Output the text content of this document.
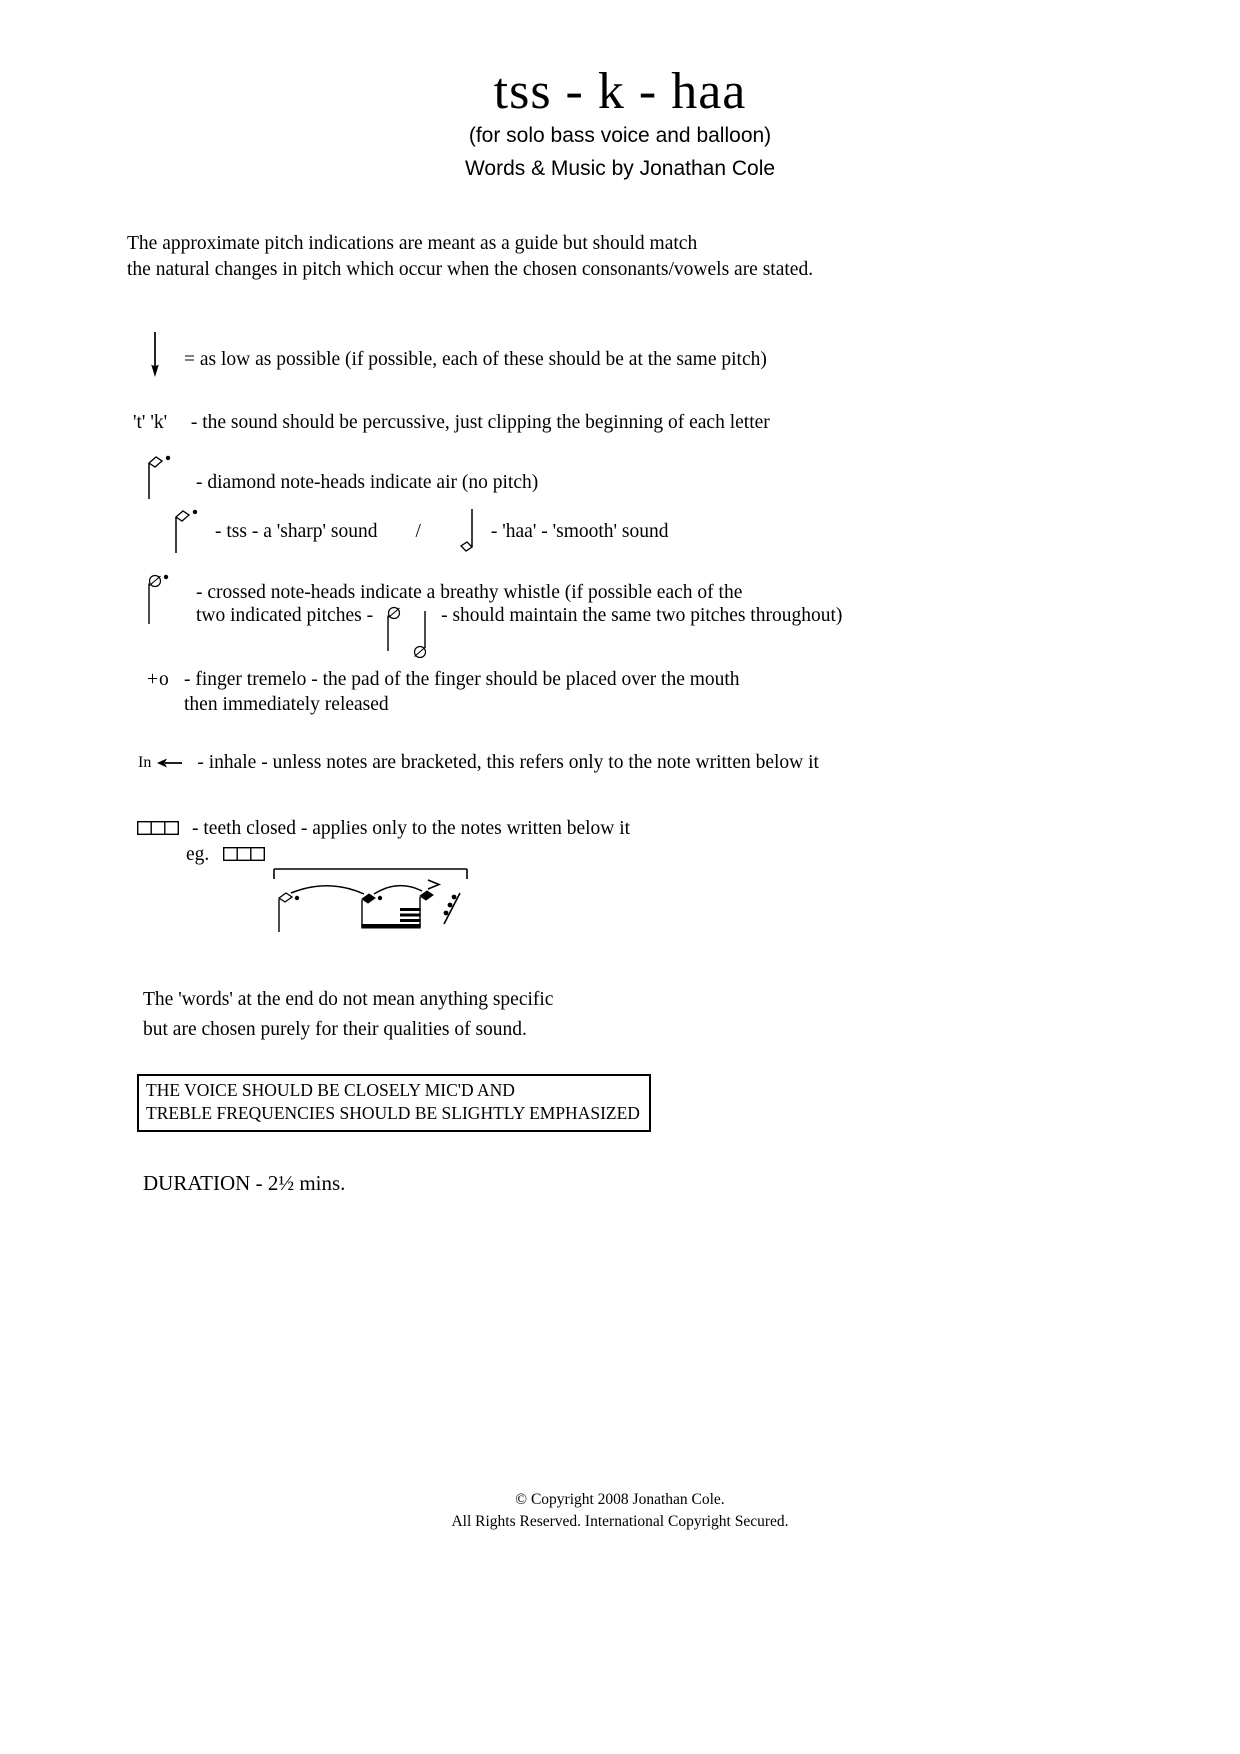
tss - k - haa
(for solo bass voice and balloon)
Words & Music by Jonathan Cole
The approximate pitch indications are meant as a guide but should match
the natural changes in pitch which occur when the chosen consonants/vowels are stated.
= as low as possible (if possible, each of these should be at the same pitch)
't' 'k' - the sound should be percussive, just clipping the beginning of each letter
- diamond note-heads indicate air (no pitch)
- tss - a 'sharp' sound /	- 'haa' - 'smooth' sound
- crossed note-heads indicate a breathy whistle (if possible each of the
two indicated pitches -	- should maintain the same two pitches throughout)
+o - finger tremelo - the pad of the finger should be placed over the mouth
then immediately released
In - inhale - unless notes are bracketed, this refers only to the note written below it
- teeth closed - applies only to the notes written below it
eg.
The 'words' at the end do not mean anything specific
but are chosen purely for their qualities of sound.
THE VOICE SHOULD BE CLOSELY MIC'D AND
TREBLE FREQUENCIES SHOULD BE SLIGHTLY EMPHASIZED
DURATION - 2½ mins.
© Copyright 2008 Jonathan Cole.
All Rights Reserved. International Copyright Secured.
